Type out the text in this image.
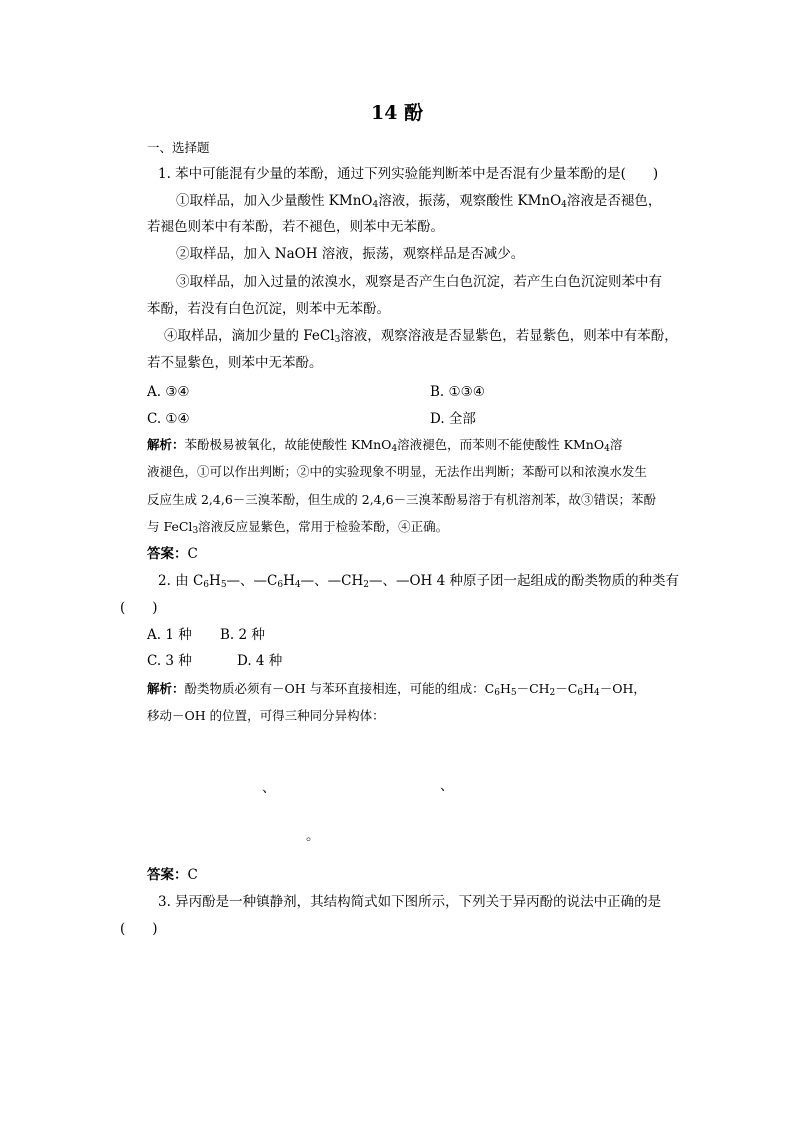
14 酚
一、选择题
1. 苯中可能混有少量的苯酚，通过下列实验能判断苯中是否混有少量苯酚的是(　　)
①取样品，加入少量酸性 KMnO$_4$溶液，振荡，观察酸性 KMnO$_4$溶液是否褪色，
若褪色则苯中有苯酚，若不褪色，则苯中无苯酚。
②取样品，加入 NaOH 溶液，振荡，观察样品是否减少。
③取样品，加入过量的浓溴水，观察是否产生白色沉淀，若产生白色沉淀则苯中有
苯酚，若没有白色沉淀，则苯中无苯酚。
④取样品，滴加少量的 FeCl$_3$溶液，观察溶液是否显紫色，若显紫色，则苯中有苯酚，
若不显紫色，则苯中无苯酚。
A. ③④	B. ①③④
C. ①④	D. 全部
解析：苯酚极易被氧化，故能使酸性 KMnO$_4$溶液褪色，而苯则不能使酸性 KMnO$_4$溶
液褪色，①可以作出判断；②中的实验现象不明显，无法作出判断；苯酚可以和浓溴水发生
反应生成 2,4,6－三溴苯酚，但生成的 2,4,6－三溴苯酚易溶于有机溶剂苯，故③错误；苯酚
与 FeCl$_3$溶液反应显紫色，常用于检验苯酚，④正确。
答案：C
2. 由 $C_6H_5—$、$—C_6H_4—$、$—CH_2—$、—OH 4 种原子团一起组成的酚类物质的种类有
(　　)
A. 1 种 B. 2 种
C. 3 种	D. 4 种
解析：酚类物质必须有－OH 与苯环直接相连，可能的组成：$C_6H_5-CH_2-C_6H_4-OH$，
移动－OH 的位置，可得三种同分异构体：
$CH_2$
OH
、
$CH_2$	OH
、
$CH_2$
OH 。
答案：C
3. 异丙酚是一种镇静剂，其结构简式如下图所示，下列关于异丙酚的说法中正确的是
(　　)
OH
